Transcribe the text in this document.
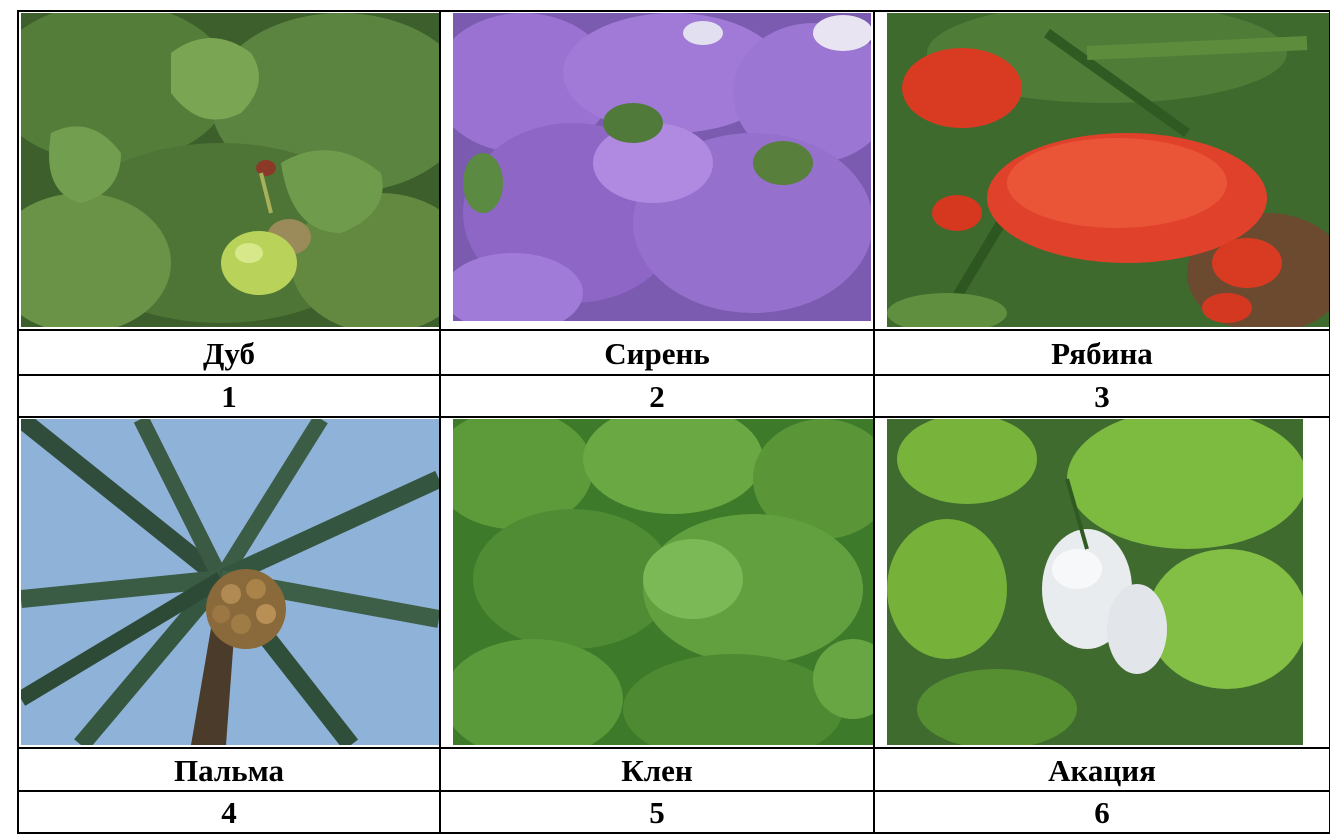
Дуб	Сирень	Рябина
1	2	3
Пальма	Клен	Акация
4	5	6
